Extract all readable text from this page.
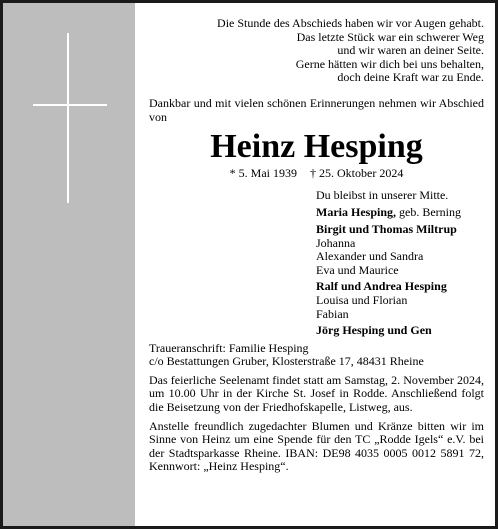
Die Stunde des Abschieds haben wir vor Augen gehabt.
Das letzte Stück war ein schwerer Weg
und wir waren an deiner Seite.
Gerne hätten wir dich bei uns behalten,
doch deine Kraft war zu Ende.

Dankbar und mit vielen schönen Erinnerungen nehmen wir Abschied von

Heinz Hesping
* 5. Mai 1939 † 25. Oktober 2024
Du bleibst in unserer Mitte.
Maria Hesping, geb. Berning
Birgit und Thomas Miltrup
Johanna
Alexander und Sandra
Eva und Maurice
Ralf und Andrea Hesping
Louisa und Florian
Fabian
Jörg Hesping und Gen
Traueranschrift: Familie Hesping
c/o Bestattungen Gruber, Klosterstraße 17, 48431 Rheine

Das feierliche Seelenamt findet statt am Samstag, 2. November 2024, um 10.00 Uhr in der Kirche St. Josef in Rodde. Anschließend folgt die Beisetzung von der Friedhofskapelle, Listweg, aus.

Anstelle freundlich zugedachter Blumen und Kränze bitten wir im Sinne von Heinz um eine Spende für den TC „Rodde Igels“ e.V. bei der Stadtsparkasse Rheine. IBAN: DE98 4035 0005 0012 5891 72, Kennwort: „Heinz Hesping“.
